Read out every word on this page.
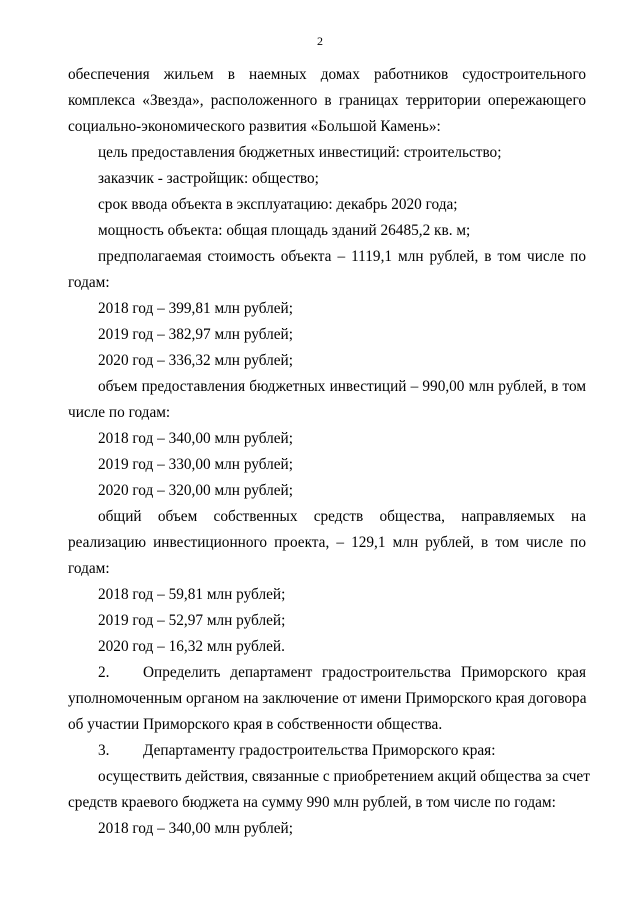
2
обеспечения жильем в наемных домах работников судостроительного
комплекса «Звезда», расположенного в границах территории опережающего
социально-экономического развития «Большой Камень»:
цель предоставления бюджетных инвестиций: строительство;
заказчик - застройщик: общество;
срок ввода объекта в эксплуатацию: декабрь 2020 года;
мощность объекта: общая площадь зданий 26485,2 кв. м;
предполагаемая стоимость объекта – 1119,1 млн рублей, в том числе по
годам:
2018 год – 399,81 млн рублей;
2019 год – 382,97 млн рублей;
2020 год – 336,32 млн рублей;
объем предоставления бюджетных инвестиций – 990,00 млн рублей, в том
числе по годам:
2018 год – 340,00 млн рублей;
2019 год – 330,00 млн рублей;
2020 год – 320,00 млн рублей;
общий объем собственных средств общества, направляемых на
реализацию инвестиционного проекта, – 129,1 млн рублей, в том числе по
годам:
2018 год – 59,81 млн рублей;
2019 год – 52,97 млн рублей;
2020 год – 16,32 млн рублей.
2. Определить департамент градостроительства Приморского края
уполномоченным органом на заключение от имени Приморского края договора
об участии Приморского края в собственности общества.
3. Департаменту градостроительства Приморского края:
осуществить действия, связанные с приобретением акций общества за счет
средств краевого бюджета на сумму 990 млн рублей, в том числе по годам:
2018 год – 340,00 млн рублей;
